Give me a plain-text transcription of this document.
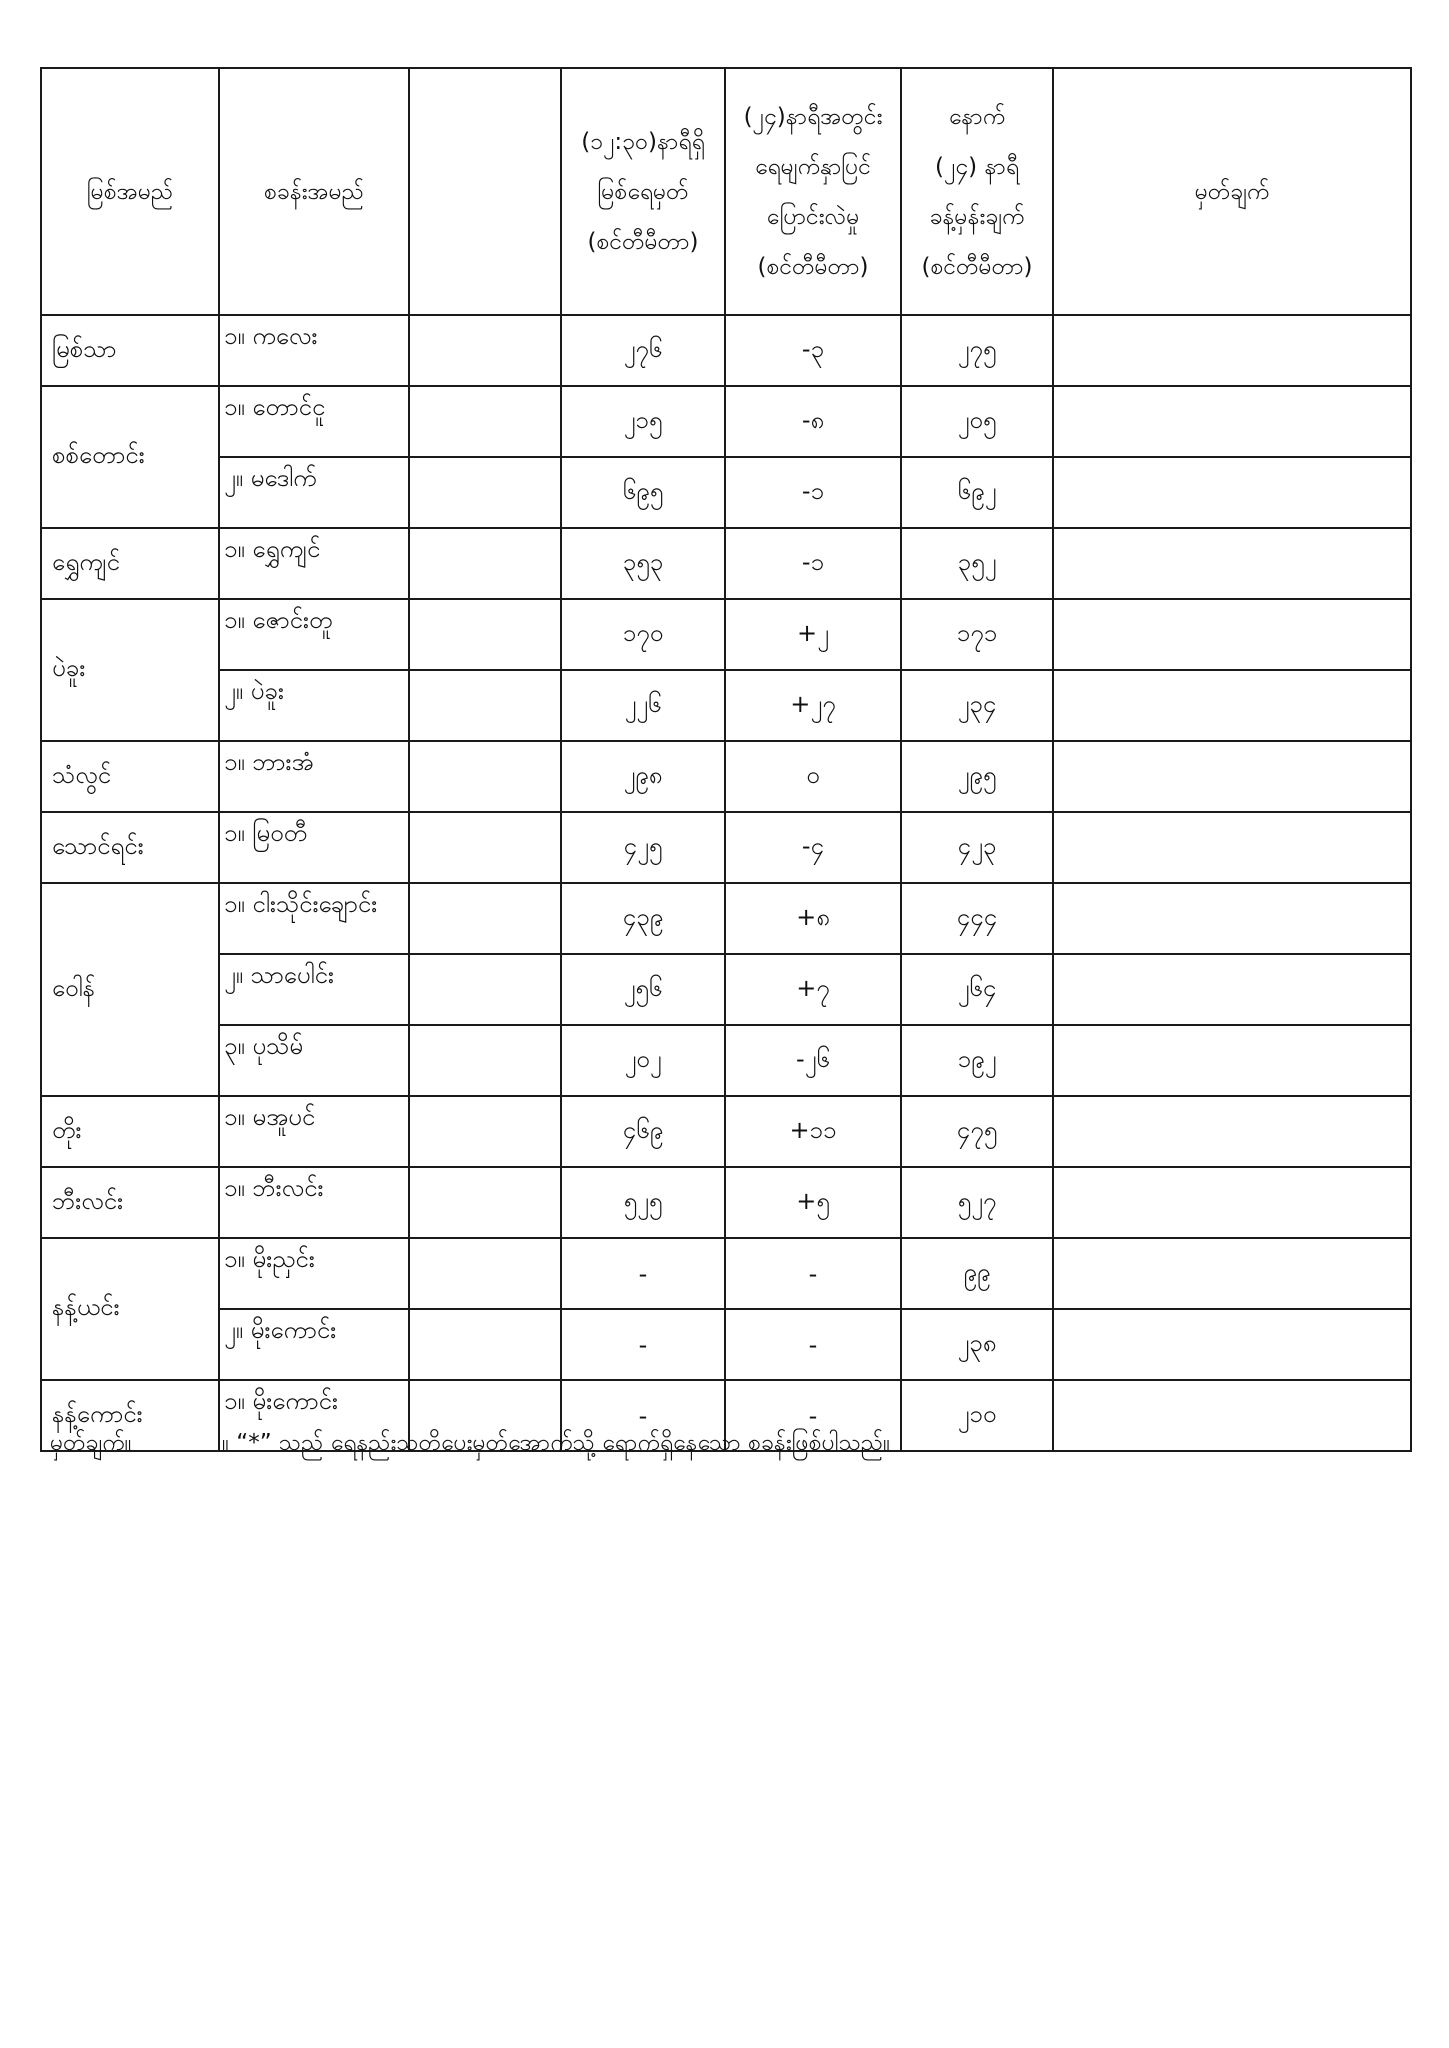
မြစ်အမည်	စခန်းအမည်		(၁၂:၃၀)နာရီရှိ
မြစ်ရေမှတ်
(စင်တီမီတာ)	(၂၄)နာရီအတွင်း
ရေမျက်နှာပြင်
ပြောင်းလဲမှု
(စင်တီမီတာ)	နောက်
(၂၄) နာရီ
ခန့်မှန်းချက်
(စင်တီမီတာ)	မှတ်ချက်
မြစ်သာ	၁။ ကလေး		၂၇၆	-၃	၂၇၅	
စစ်တောင်း	၁။ တောင်ငူ		၂၁၅	-၈	၂၀၅	
	၂။ မဒေါက်		၆၉၅	-၁	၆၉၂	
ရွှေကျင်	၁။ ရွှေကျင်		၃၅၃	-၁	၃၅၂	
ပဲခူး	၁။ ဇောင်းတူ		၁၇၀	+၂	၁၇၁	
	၂။ ပဲခူး		၂၂၆	+၂၇	၂၃၄	
သံလွင်	၁။ ဘားအံ		၂၉၈	၀	၂၉၅	
သောင်ရင်း	၁။ မြဝတီ		၄၂၅	-၄	၄၂၃	
ဝေါန်	၁။ ငါးသိုင်းချောင်း		၄၃၉	+၈	၄၄၄	
	၂။ သာပေါင်း		၂၅၆	+၇	၂၆၄	
	၃။ ပုသိမ်		၂၀၂	-၂၆	၁၉၂	
တိုး	၁။ မအူပင်		၄၆၉	+၁၁	၄၇၅	
ဘီးလင်း	၁။ ဘီးလင်း		၅၂၅	+၅	၅၂၇	
နန့်ယင်း	၁။ မိုးညှင်း		-	-	၉၉	
	၂။ မိုးကောင်း		-	-	၂၃၈	
နန့်ကောင်း	၁။ မိုးကောင်း		-	-	၂၁၀	
မှတ်ချက်။	။ “*” သည် ရေနည်းသတိပေးမှတ်အောက်သို့ ရောက်ရှိနေသော စခန်းဖြစ်ပါသည်။
